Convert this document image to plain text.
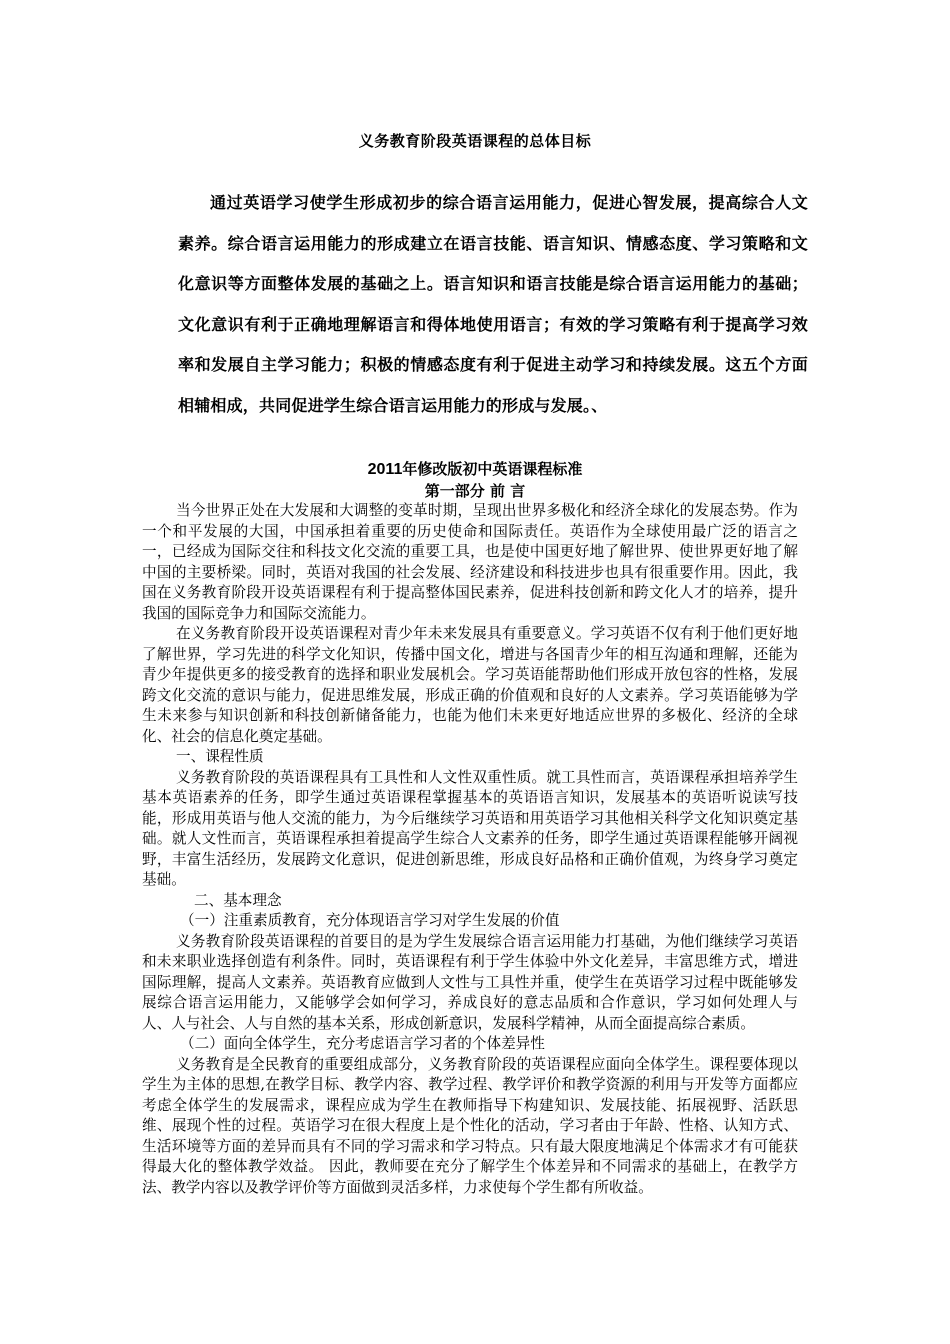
义务教育阶段英语课程的总体目标

通过英语学习使学生形成初步的综合语言运用能力，促进心智发展，提高综合人文素养。综合语言运用能力的形成建立在语言技能、语言知识、情感态度、学习策略和文化意识等方面整体发展的基础之上。语言知识和语言技能是综合语言运用能力的基础；文化意识有利于正确地理解语言和得体地使用语言；有效的学习策略有利于提高学习效率和发展自主学习能力；积极的情感态度有利于促进主动学习和持续发展。这五个方面相辅相成，共同促进学生综合语言运用能力的形成与发展。、

2011年修改版初中英语课程标准
第一部分 前 言

当今世界正处在大发展和大调整的变革时期，呈现出世界多极化和经济全球化的发展态势。作为一个和平发展的大国，中国承担着重要的历史使命和国际责任。英语作为全球使用最广泛的语言之一，已经成为国际交往和科技文化交流的重要工具，也是使中国更好地了解世界、使世界更好地了解中国的主要桥梁。同时，英语对我国的社会发展、经济建设和科技进步也具有很重要作用。因此，我国在义务教育阶段开设英语课程有利于提高整体国民素养，促进科技创新和跨文化人才的培养，提升我国的国际竞争力和国际交流能力。

在义务教育阶段开设英语课程对青少年未来发展具有重要意义。学习英语不仅有利于他们更好地了解世界，学习先进的科学文化知识，传播中国文化，增进与各国青少年的相互沟通和理解，还能为青少年提供更多的接受教育的选择和职业发展机会。学习英语能帮助他们形成开放包容的性格，发展跨文化交流的意识与能力，促进思维发展，形成正确的价值观和良好的人文素养。学习英语能够为学生未来参与知识创新和科技创新储备能力，也能为他们未来更好地适应世界的多极化、经济的全球化、社会的信息化奠定基础。

一、课程性质

义务教育阶段的英语课程具有工具性和人文性双重性质。就工具性而言，英语课程承担培养学生基本英语素养的任务，即学生通过英语课程掌握基本的英语语言知识，发展基本的英语听说读写技能，形成用英语与他人交流的能力，为今后继续学习英语和用英语学习其他相关科学文化知识奠定基础。就人文性而言，英语课程承担着提高学生综合人文素养的任务，即学生通过英语课程能够开阔视野，丰富生活经历，发展跨文化意识，促进创新思维，形成良好品格和正确价值观，为终身学习奠定基础。

二、基本理念

（一）注重素质教育，充分体现语言学习对学生发展的价值

义务教育阶段英语课程的首要目的是为学生发展综合语言运用能力打基础，为他们继续学习英语和未来职业选择创造有利条件。同时，英语课程有利于学生体验中外文化差异，丰富思维方式，增进国际理解，提高人文素养。英语教育应做到人文性与工具性并重，使学生在英语学习过程中既能够发展综合语言运用能力，又能够学会如何学习，养成良好的意志品质和合作意识，学习如何处理人与人、人与社会、人与自然的基本关系，形成创新意识，发展科学精神，从而全面提高综合素质。

（二）面向全体学生，充分考虑语言学习者的个体差异性

义务教育是全民教育的重要组成部分，义务教育阶段的英语课程应面向全体学生。课程要体现以学生为主体的思想,在教学目标、教学内容、教学过程、教学评价和教学资源的利用与开发等方面都应考虑全体学生的发展需求，课程应成为学生在教师指导下构建知识、发展技能、拓展视野、活跃思维、展现个性的过程。英语学习在很大程度上是个性化的活动，学习者由于年龄、性格、认知方式、生活环境等方面的差异而具有不同的学习需求和学习特点。只有最大限度地满足个体需求才有可能获得最大化的整体教学效益。 因此，教师要在充分了解学生个体差异和不同需求的基础上，在教学方法、教学内容以及教学评价等方面做到灵活多样，力求使每个学生都有所收益。
